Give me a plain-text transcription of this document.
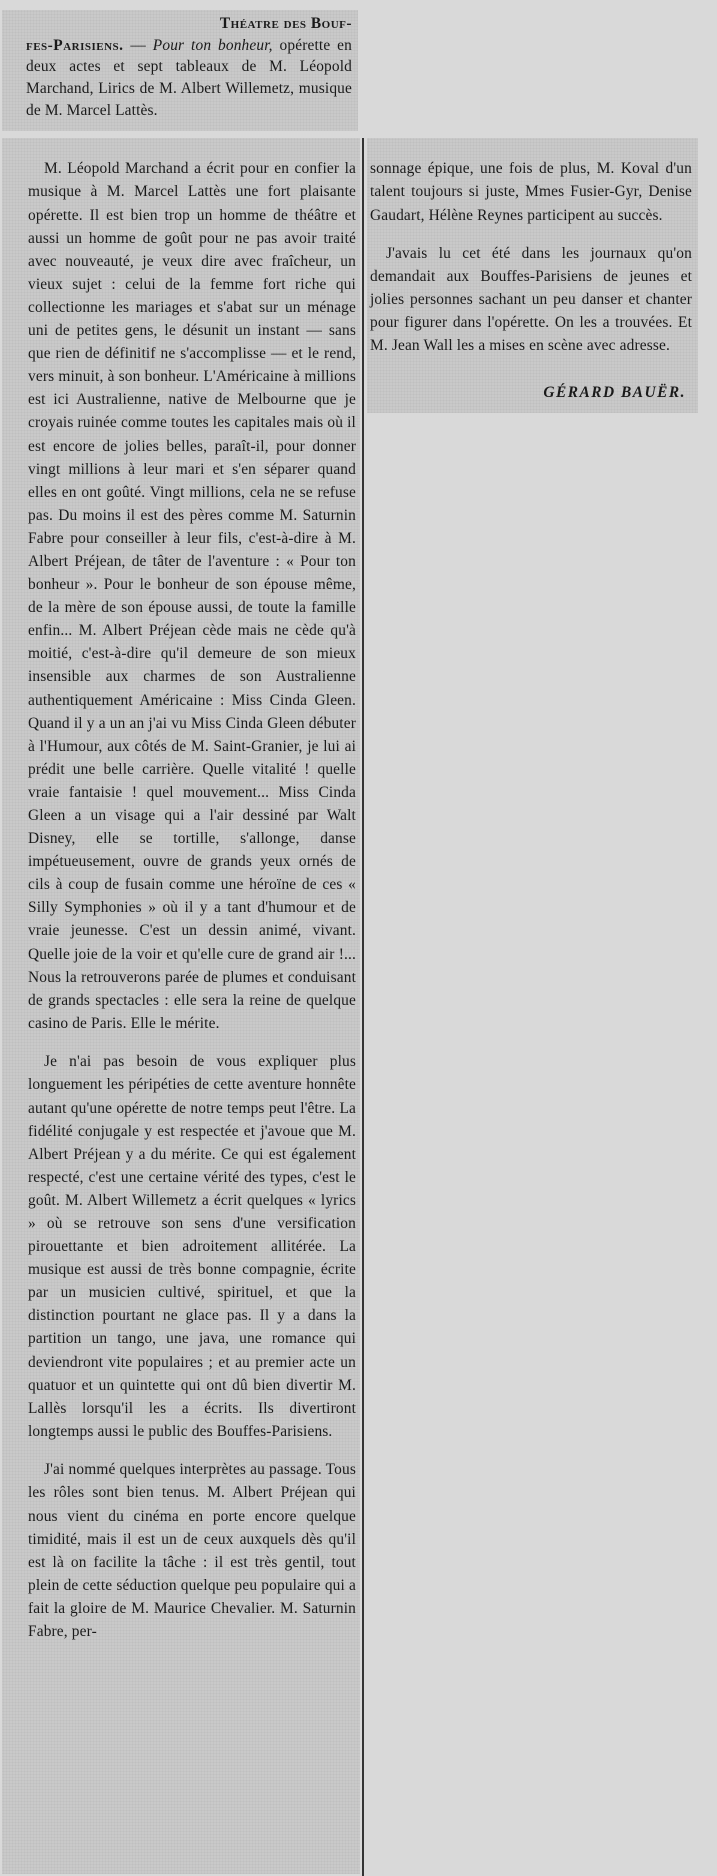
Théatre des Bouf-
fes-Parisiens. — Pour ton bonheur, opérette en deux actes et sept tableaux de M. Léopold Marchand, Lirics de M. Albert Willemetz, musique de M. Marcel Lattès.

M. Léopold Marchand a écrit pour en confier la musique à M. Marcel Lattès une fort plaisante opérette. Il est bien trop un homme de théâtre et aussi un homme de goût pour ne pas avoir traité avec nouveauté, je veux dire avec fraîcheur, un vieux sujet : celui de la femme fort riche qui collectionne les mariages et s'abat sur un ménage uni de petites gens, le désunit un instant — sans que rien de définitif ne s'accomplisse — et le rend, vers minuit, à son bonheur. L'Américaine à millions est ici Australienne, native de Melbourne que je croyais ruinée comme toutes les capitales mais où il est encore de jolies belles, paraît-il, pour donner vingt millions à leur mari et s'en séparer quand elles en ont goûté. Vingt millions, cela ne se refuse pas. Du moins il est des pères comme M. Saturnin Fabre pour conseiller à leur fils, c'est-à-dire à M. Albert Préjean, de tâter de l'aventure : « Pour ton bonheur ». Pour le bonheur de son épouse même, de la mère de son épouse aussi, de toute la famille enfin... M. Albert Préjean cède mais ne cède qu'à moitié, c'est-à-dire qu'il demeure de son mieux insensible aux charmes de son Australienne authentiquement Américaine : Miss Cinda Gleen. Quand il y a un an j'ai vu Miss Cinda Gleen débuter à l'Humour, aux côtés de M. Saint-Granier, je lui ai prédit une belle carrière. Quelle vitalité ! quelle vraie fantaisie ! quel mouvement... Miss Cinda Gleen a un visage qui a l'air dessiné par Walt Disney, elle se tortille, s'allonge, danse impétueusement, ouvre de grands yeux ornés de cils à coup de fusain comme une héroïne de ces « Silly Symphonies » où il y a tant d'humour et de vraie jeunesse. C'est un dessin animé, vivant. Quelle joie de la voir et qu'elle cure de grand air !... Nous la retrouverons parée de plumes et conduisant de grands spectacles : elle sera la reine de quelque casino de Paris. Elle le mérite.

Je n'ai pas besoin de vous expliquer plus longuement les péripéties de cette aventure honnête autant qu'une opérette de notre temps peut l'être. La fidélité conjugale y est respectée et j'avoue que M. Albert Préjean y a du mérite. Ce qui est également respecté, c'est une certaine vérité des types, c'est le goût. M. Albert Willemetz a écrit quelques « lyrics » où se retrouve son sens d'une versification pirouettante et bien adroitement allitérée. La musique est aussi de très bonne compagnie, écrite par un musicien cultivé, spirituel, et que la distinction pourtant ne glace pas. Il y a dans la partition un tango, une java, une romance qui deviendront vite populaires ; et au premier acte un quatuor et un quintette qui ont dû bien divertir M. Lallès lorsqu'il les a écrits. Ils divertiront longtemps aussi le public des Bouffes-Parisiens.

J'ai nommé quelques interprètes au passage. Tous les rôles sont bien tenus. M. Albert Préjean qui nous vient du cinéma en porte encore quelque timidité, mais il est un de ceux auxquels dès qu'il est là on facilite la tâche : il est très gentil, tout plein de cette séduction quelque peu populaire qui a fait la gloire de M. Maurice Chevalier. M. Saturnin Fabre, per-

sonnage épique, une fois de plus, M. Koval d'un talent toujours si juste, Mmes Fusier-Gyr, Denise Gaudart, Hélène Reynes participent au succès.

J'avais lu cet été dans les journaux qu'on demandait aux Bouffes-Parisiens de jeunes et jolies personnes sachant un peu danser et chanter pour figurer dans l'opérette. On les a trouvées. Et M. Jean Wall les a mises en scène avec adresse.

GÉRARD BAUËR.
